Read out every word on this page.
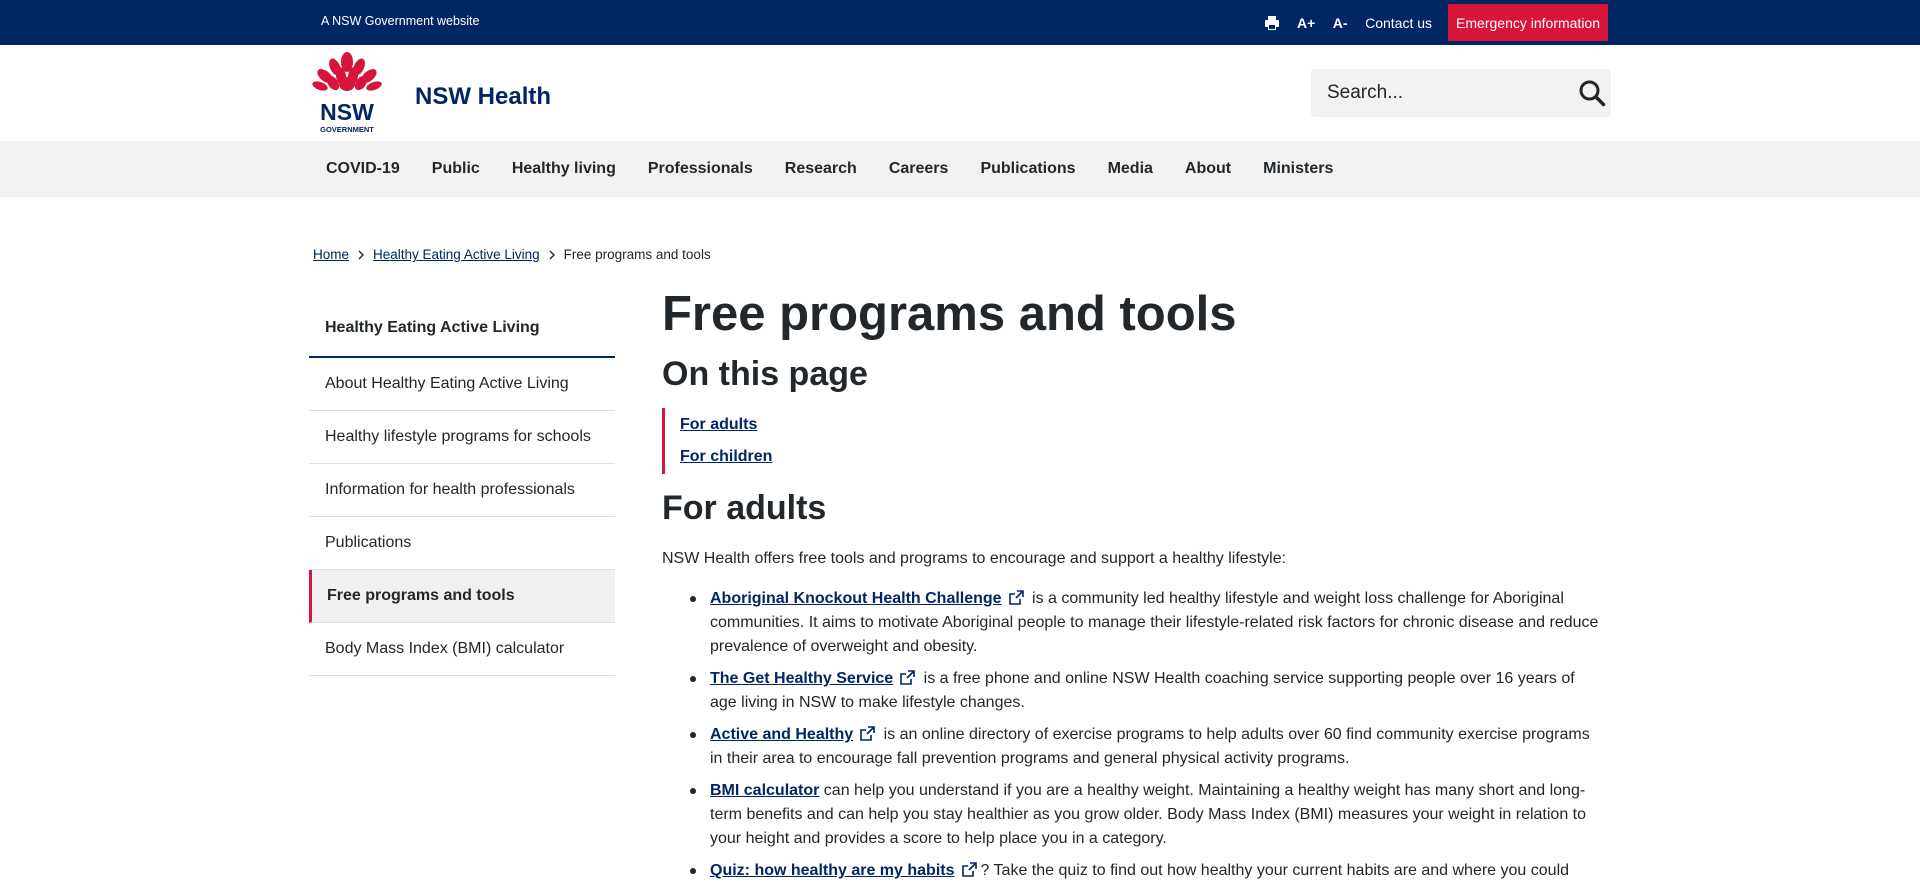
A NSW Government website	A+ A- Contact us	Emergency information
NSW
GOVERNMENT
NSW Health
Search...
COVID-19	Public	Healthy living	Professionals	Research	Careers	Publications	Media	About	Ministers
Home Healthy Eating Active Living Free programs and tools
Healthy Eating Active Living
About Healthy Eating Active Living
Healthy lifestyle programs for schools
Information for health professionals
Publications
Free programs and tools
Body Mass Index (BMI) calculator
Free programs and tools
On this page
For adults
For children
For adults

NSW Health offers free tools and programs to encourage and support a healthy lifestyle:

Aboriginal Knockout Health Challenge is a community led healthy lifestyle and weight loss challenge for Aboriginal communities. It aims to motivate Aboriginal people to manage their lifestyle-related risk factors for chronic disease and reduce prevalence of overweight and obesity.
The Get Healthy Service is a free phone and online NSW Health coaching service supporting people over 16 years of age living in NSW to make lifestyle changes.
Active and Healthy is an online directory of exercise programs to help adults over 60 find community exercise programs in their area to encourage fall prevention programs and general physical activity programs.
BMI calculator can help you understand if you are a healthy weight. Maintaining a healthy weight has many short and long-term benefits and can help you stay healthier as you grow older. Body Mass Index (BMI) measures your weight in relation to your height and provides a score to help place you in a category.
Quiz: how healthy are my habits ? Take the quiz to find out how healthy your current habits are and where you could
